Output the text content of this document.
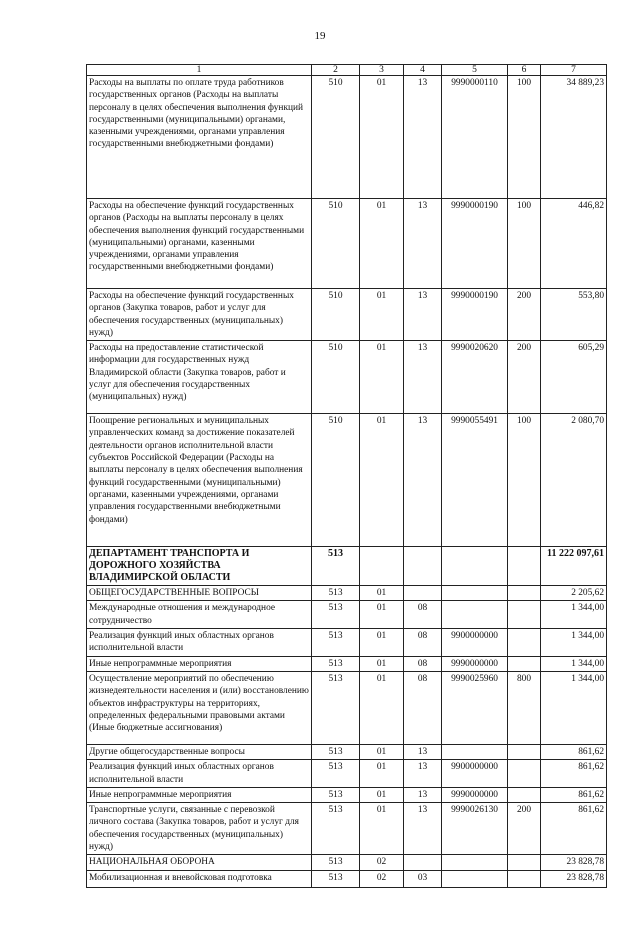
19
1	2	3	4	5	6	7
Расходы на выплаты по оплате труда работников государственных органов (Расходы на выплаты персоналу в целях обеспечения выполнения функций государственными (муниципальными) органами, казенными учреждениями, органами управления государственными внебюджетными фондами)	510	01	13	9990000110	100	34 889,23
Расходы на обеспечение функций государственных органов (Расходы на выплаты персоналу в целях обеспечения выполнения функций государственными (муниципальными) органами, казенными учреждениями, органами управления государственными внебюджетными фондами)	510	01	13	9990000190	100	446,82
Расходы на обеспечение функций государственных органов (Закупка товаров, работ и услуг для обеспечения государственных (муниципальных) нужд)	510	01	13	9990000190	200	553,80
Расходы на предоставление статистической информации для государственных нужд Владимирской области (Закупка товаров, работ и услуг для обеспечения государственных (муниципальных) нужд)	510	01	13	9990020620	200	605,29
Поощрение региональных и муниципальных управленческих команд за достижение показателей деятельности органов исполнительной власти субъектов Российской Федерации (Расходы на выплаты персоналу в целях обеспечения выполнения функций государственными (муниципальными) органами, казенными учреждениями, органами управления государственными внебюджетными фондами)	510	01	13	9990055491	100	2 080,70
ДЕПАРТАМЕНТ ТРАНСПОРТА И ДОРОЖНОГО ХОЗЯЙСТВА ВЛАДИМИРСКОЙ ОБЛАСТИ	513					11 222 097,61
ОБЩЕГОСУДАРСТВЕННЫЕ ВОПРОСЫ	513	01				2 205,62
Международные отношения и международное сотрудничество	513	01	08			1 344,00
Реализация функций иных областных органов исполнительной власти	513	01	08	9900000000		1 344,00
Иные непрограммные мероприятия	513	01	08	9990000000		1 344,00
Осуществление мероприятий по обеспечению жизнедеятельности населения и (или) восстановлению объектов инфраструктуры на территориях, определенных федеральными правовыми актами (Иные бюджетные ассигнования)	513	01	08	9990025960	800	1 344,00
Другие общегосударственные вопросы	513	01	13			861,62
Реализация функций иных областных органов исполнительной власти	513	01	13	9900000000		861,62
Иные непрограммные мероприятия	513	01	13	9990000000		861,62
Транспортные услуги, связанные с перевозкой личного состава (Закупка товаров, работ и услуг для обеспечения государственных (муниципальных) нужд)	513	01	13	9990026130	200	861,62
НАЦИОНАЛЬНАЯ ОБОРОНА	513	02				23 828,78
Мобилизационная и вневойсковая подготовка	513	02	03			23 828,78
